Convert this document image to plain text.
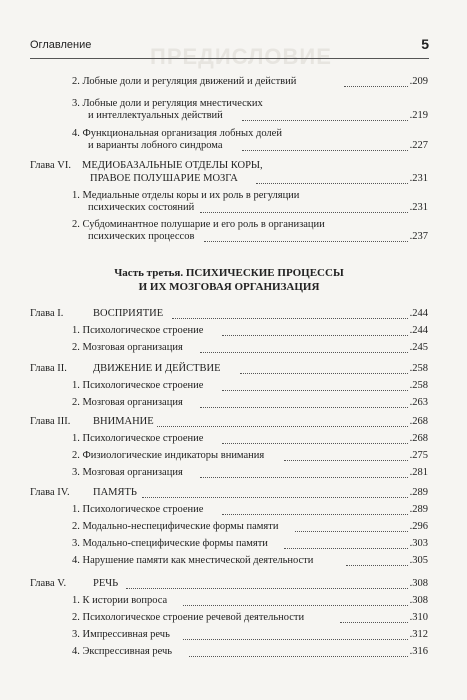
ПРЕДИСЛОВИЕ
Оглавление	5
2. Лобные доли и регуляция движений и действий	.209
3. Лобные доли и регуляция мнестических
и интеллектуальных действий	.219
4. Функциональная организация лобных долей
и варианты лобного синдрома	.227
Глава VI. МЕДИОБАЗАЛЬНЫЕ ОТДЕЛЫ КОРЫ,
ПРАВОЕ ПОЛУШАРИЕ МОЗГА	.231
1. Медиальные отделы коры и их роль в регуляции
психических состояний	.231
2. Субдоминантное полушарие и его роль в организации
психических процессов	.237
Часть третья. ПСИХИЧЕСКИЕ ПРОЦЕССЫ
И ИХ МОЗГОВАЯ ОРГАНИЗАЦИЯ
Глава I.	ВОСПРИЯТИЕ	.244
1. Психологическое строение	.244
2. Мозговая организация	.245
Глава II. ДВИЖЕНИЕ И ДЕЙСТВИЕ	.258
1. Психологическое строение	.258
2. Мозговая организация	.263
Глава III. ВНИМАНИЕ	.268
1. Психологическое строение	.268
2. Физиологические индикаторы внимания	.275
3. Мозговая организация	.281
Глава IV. ПАМЯТЬ	.289
1. Психологическое строение	.289
2. Модально-неспецифические формы памяти	.296
3. Модально-специфические формы памяти	.303
4. Нарушение памяти как мнестической деятельности	.305
Глава V.	РЕЧЬ	.308
1. К истории вопроса	.308
2. Психологическое строение речевой деятельности	.310
3. Импрессивная речь	.312
4. Экспрессивная речь	.316
